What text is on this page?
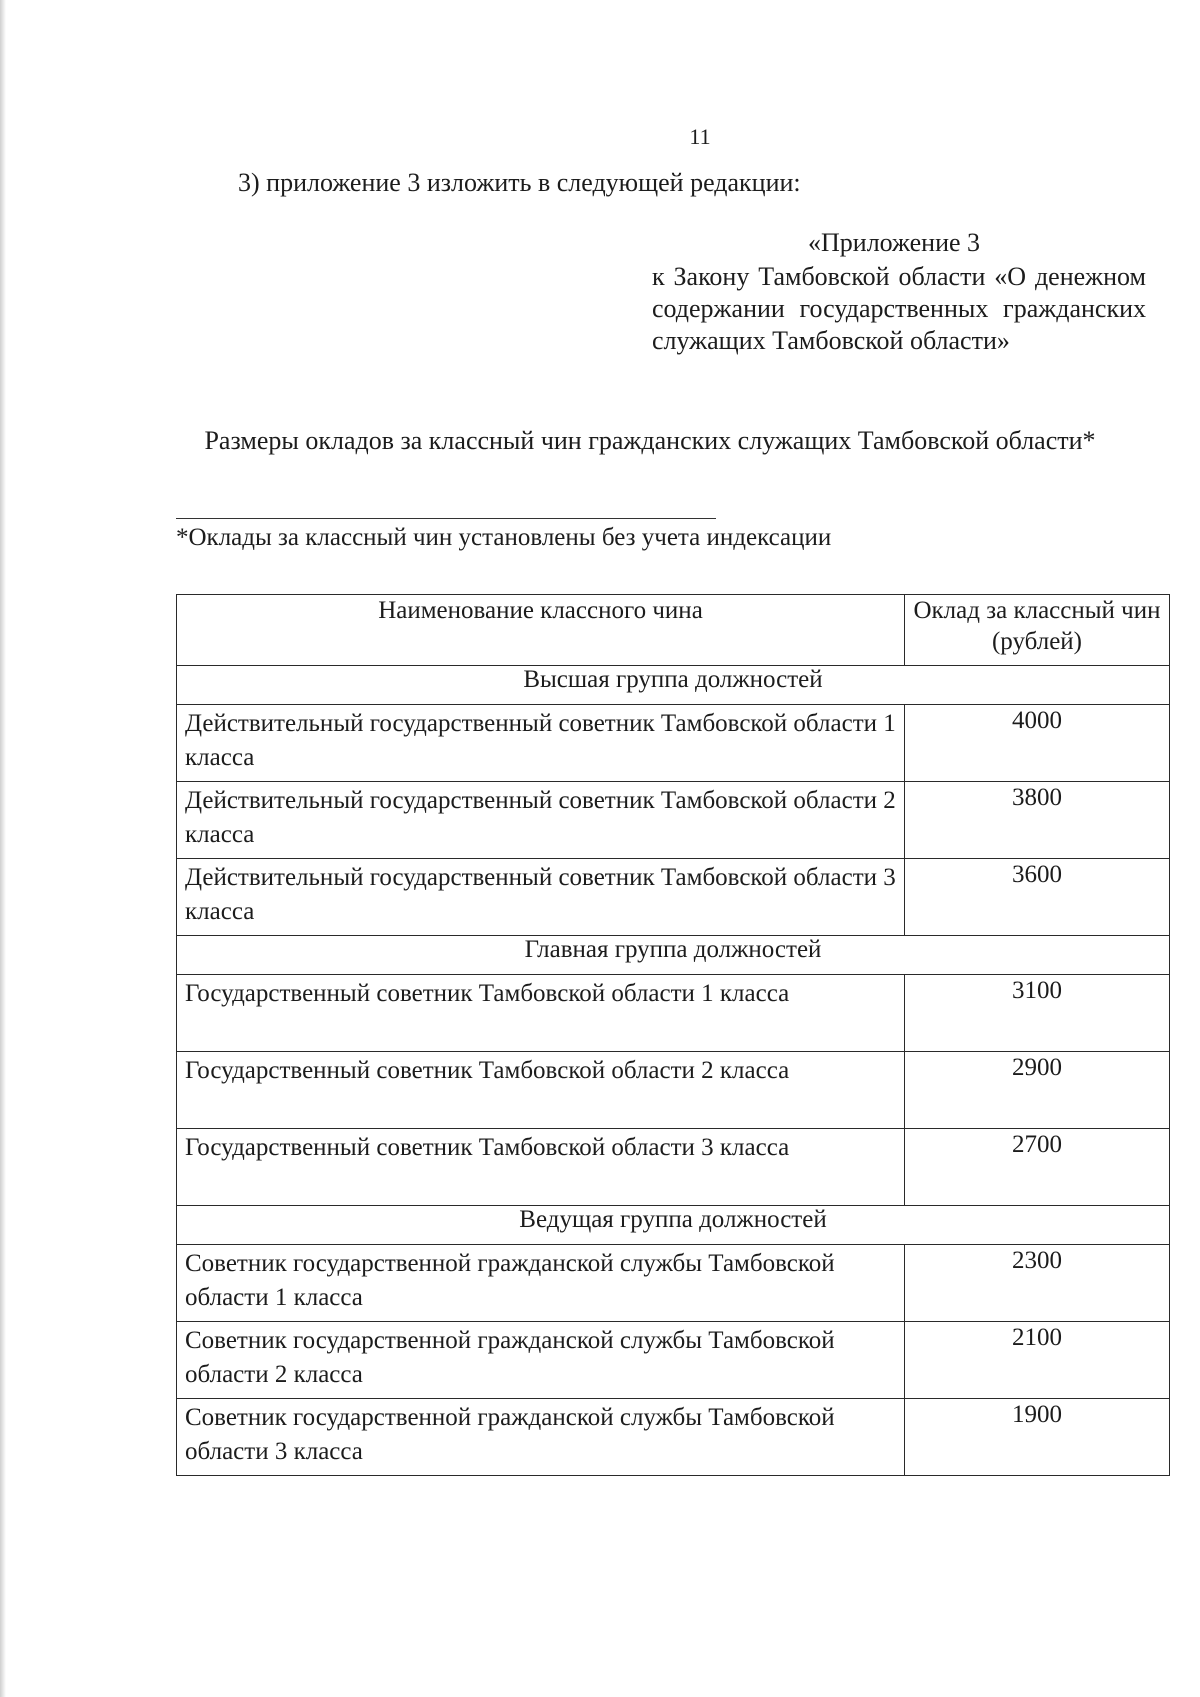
11
3) приложение 3 изложить в следующей редакции:
«Приложение 3
к Закону Тамбовской области «О денежном содержании государственных гражданских служащих Тамбовской области»
Размеры окладов за классный чин гражданских служащих Тамбовской области*
*Оклады за классный чин установлены без учета индексации
Наименование классного чина	Оклад за классный чин (рублей)
Высшая группа должностей	
Действительный государственный советник Тамбовской области 1 класса	4000
Действительный государственный советник Тамбовской области 2 класса	3800
Действительный государственный советник Тамбовской области 3 класса	3600
Главная группа должностей	
Государственный советник Тамбовской области 1 класса	3100
Государственный советник Тамбовской области 2 класса	2900
Государственный советник Тамбовской области 3 класса	2700
Ведущая группа должностей	
Советник государственной гражданской службы Тамбовской области 1 класса	2300
Советник государственной гражданской службы Тамбовской области 2 класса	2100
Советник государственной гражданской службы Тамбовской области 3 класса	1900
